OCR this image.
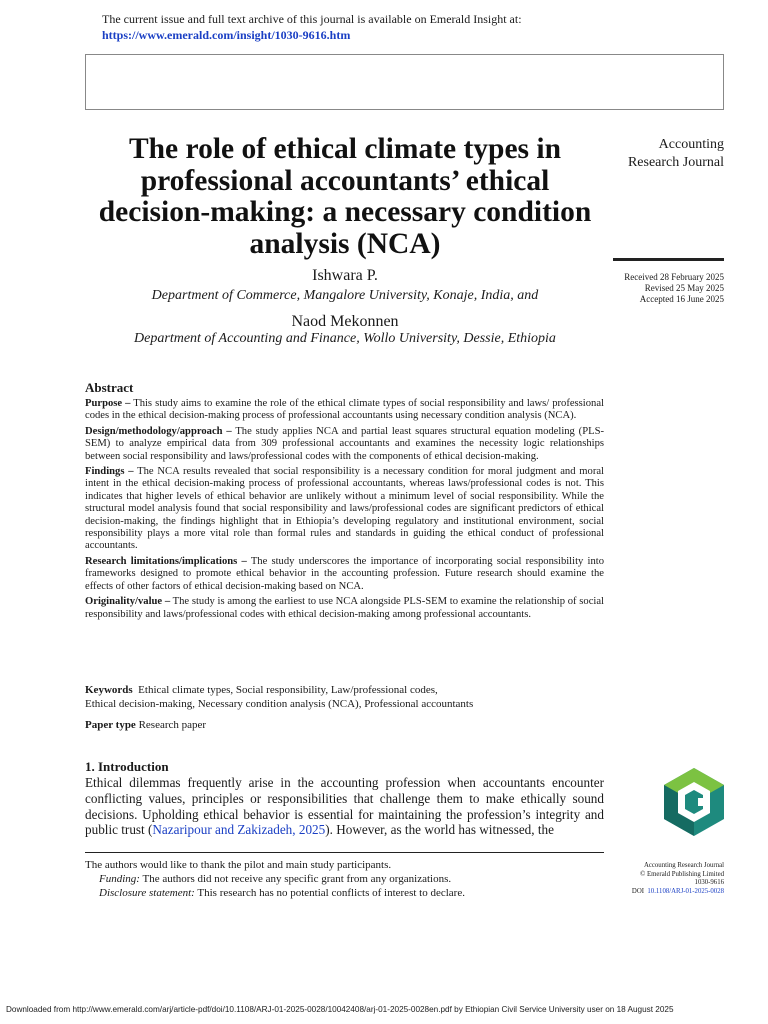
The current issue and full text archive of this journal is available on Emerald Insight at:
https://www.emerald.com/insight/1030-9616.htm
The role of ethical climate types in professional accountants’ ethical decision-making: a necessary condition analysis (NCA)
Ishwara P.
Department of Commerce, Mangalore University, Konaje, India, and
Naod Mekonnen
Department of Accounting and Finance, Wollo University, Dessie, Ethiopia
Accounting
Research Journal
Received 28 February 2025
Revised 25 May 2025
Accepted 16 June 2025
Abstract

Purpose – This study aims to examine the role of the ethical climate types of social responsibility and laws/ professional codes in the ethical decision-making process of professional accountants using necessary condition analysis (NCA).

Design/methodology/approach – The study applies NCA and partial least squares structural equation modeling (PLS-SEM) to analyze empirical data from 309 professional accountants and examines the necessity logic relationships between social responsibility and laws/professional codes with the components of ethical decision-making.

Findings – The NCA results revealed that social responsibility is a necessary condition for moral judgment and moral intent in the ethical decision-making process of professional accountants, whereas laws/professional codes is not. This indicates that higher levels of ethical behavior are unlikely without a minimum level of social responsibility. While the structural model analysis found that social responsibility and laws/professional codes are significant predictors of ethical decision-making, the findings highlight that in Ethiopia’s developing regulatory and institutional environment, social responsibility plays a more vital role than formal rules and standards in guiding the ethical conduct of professional accountants.

Research limitations/implications – The study underscores the importance of incorporating social responsibility into frameworks designed to promote ethical behavior in the accounting profession. Future research should examine the effects of other factors of ethical decision-making based on NCA.

Originality/value – The study is among the earliest to use NCA alongside PLS-SEM to examine the relationship of social responsibility and laws/professional codes with ethical decision-making among professional accountants.

Keywords Ethical climate types, Social responsibility, Law/professional codes,
Ethical decision-making, Necessary condition analysis (NCA), Professional accountants
Paper type Research paper
1. Introduction
Ethical dilemmas frequently arise in the accounting profession when accountants encounter conflicting values, principles or responsibilities that challenge them to make ethically sound decisions. Upholding ethical behavior is essential for maintaining the profession’s integrity and public trust (Nazaripour and Zakizadeh, 2025). However, as the world has witnessed, the
The authors would like to thank the pilot and main study participants.
Funding: The authors did not receive any specific grant from any organizations.
Disclosure statement: This research has no potential conflicts of interest to declare.
Accounting Research Journal
© Emerald Publishing Limited
1030-9616
DOI 10.1108/ARJ-01-2025-0028
Downloaded from http://www.emerald.com/arj/article-pdf/doi/10.1108/ARJ-01-2025-0028/10042408/arj-01-2025-0028en.pdf by Ethiopian Civil Service University user on 18 August 2025
